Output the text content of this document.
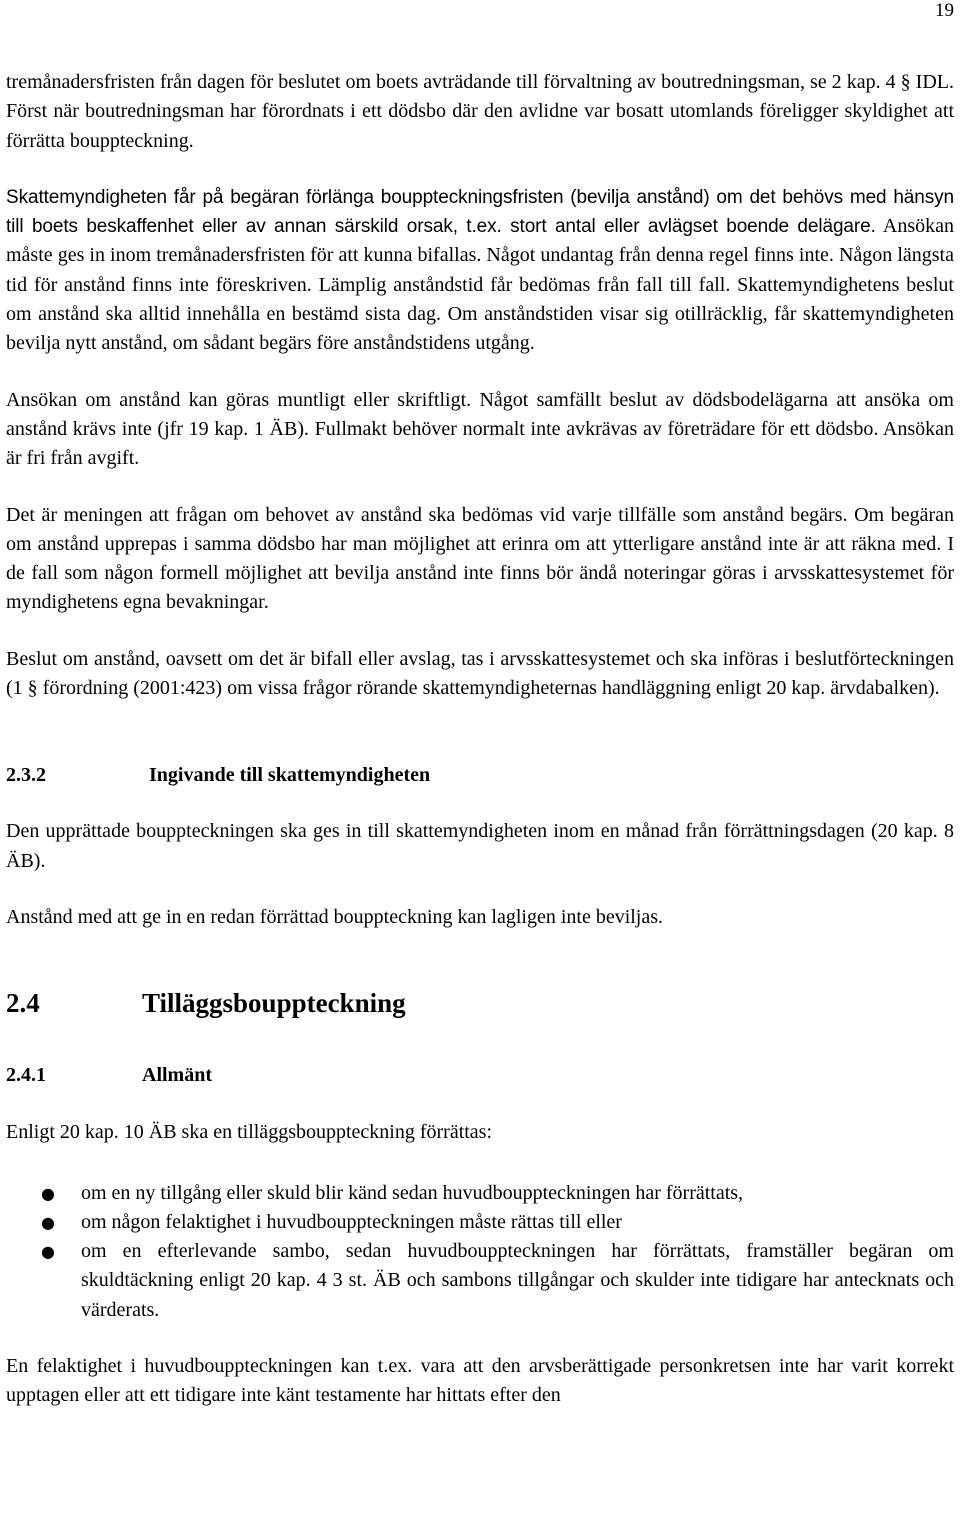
19

tremånadersfristen från dagen för beslutet om boets avträdande till förvaltning av boutredningsman, se 2 kap. 4 § IDL. Först när boutredningsman har förordnats i ett dödsbo där den avlidne var bosatt utomlands föreligger skyldighet att förrätta bouppteckning.

Skattemyndigheten får på begäran förlänga bouppteckningsfristen (bevilja anstånd) om det behövs med hänsyn till boets beskaffenhet eller av annan särskild orsak, t.ex. stort antal eller avlägset boende delägare. Ansökan måste ges in inom tremånadersfristen för att kunna bifallas. Något undantag från denna regel finns inte. Någon längsta tid för anstånd finns inte föreskriven. Lämplig anståndstid får bedömas från fall till fall. Skattemyndighetens beslut om anstånd ska alltid innehålla en bestämd sista dag. Om anståndstiden visar sig otillräcklig, får skattemyndigheten bevilja nytt anstånd, om sådant begärs före anståndstidens utgång.

Ansökan om anstånd kan göras muntligt eller skriftligt. Något samfällt beslut av dödsbodelägarna att ansöka om anstånd krävs inte (jfr 19 kap. 1 ÄB). Fullmakt behöver normalt inte avkrävas av företrädare för ett dödsbo. Ansökan är fri från avgift.

Det är meningen att frågan om behovet av anstånd ska bedömas vid varje tillfälle som anstånd begärs. Om begäran om anstånd upprepas i samma dödsbo har man möjlighet att erinra om att ytterligare anstånd inte är att räkna med. I de fall som någon formell möjlighet att bevilja anstånd inte finns bör ändå noteringar göras i arvsskattesystemet för myndighetens egna bevakningar.

Beslut om anstånd, oavsett om det är bifall eller avslag, tas i arvsskattesystemet och ska införas i beslutförteckningen (1 § förordning (2001:423) om vissa frågor rörande skattemyndigheternas handläggning enligt 20 kap. ärvdabalken).

2.3.2	Ingivande till skattemyndigheten

Den upprättade bouppteckningen ska ges in till skattemyndigheten inom en månad från förrättningsdagen (20 kap. 8 ÄB).

Anstånd med att ge in en redan förrättad bouppteckning kan lagligen inte beviljas.

2.4	Tilläggsbouppteckning
2.4.1	Allmänt

Enligt 20 kap. 10 ÄB ska en tilläggsbouppteckning förrättas:

● om en ny tillgång eller skuld blir känd sedan huvudbouppteckningen har förrättats,
● om någon felaktighet i huvudbouppteckningen måste rättas till eller
● om en efterlevande sambo, sedan huvudbouppteckningen har förrättats, framställer begäran om skuldtäckning enligt 20 kap. 4 3 st. ÄB och sambons tillgångar och skulder inte tidigare har antecknats och värderats.

En felaktighet i huvudbouppteckningen kan t.ex. vara att den arvsberättigade personkretsen inte har varit korrekt upptagen eller att ett tidigare inte känt testamente har hittats efter den
